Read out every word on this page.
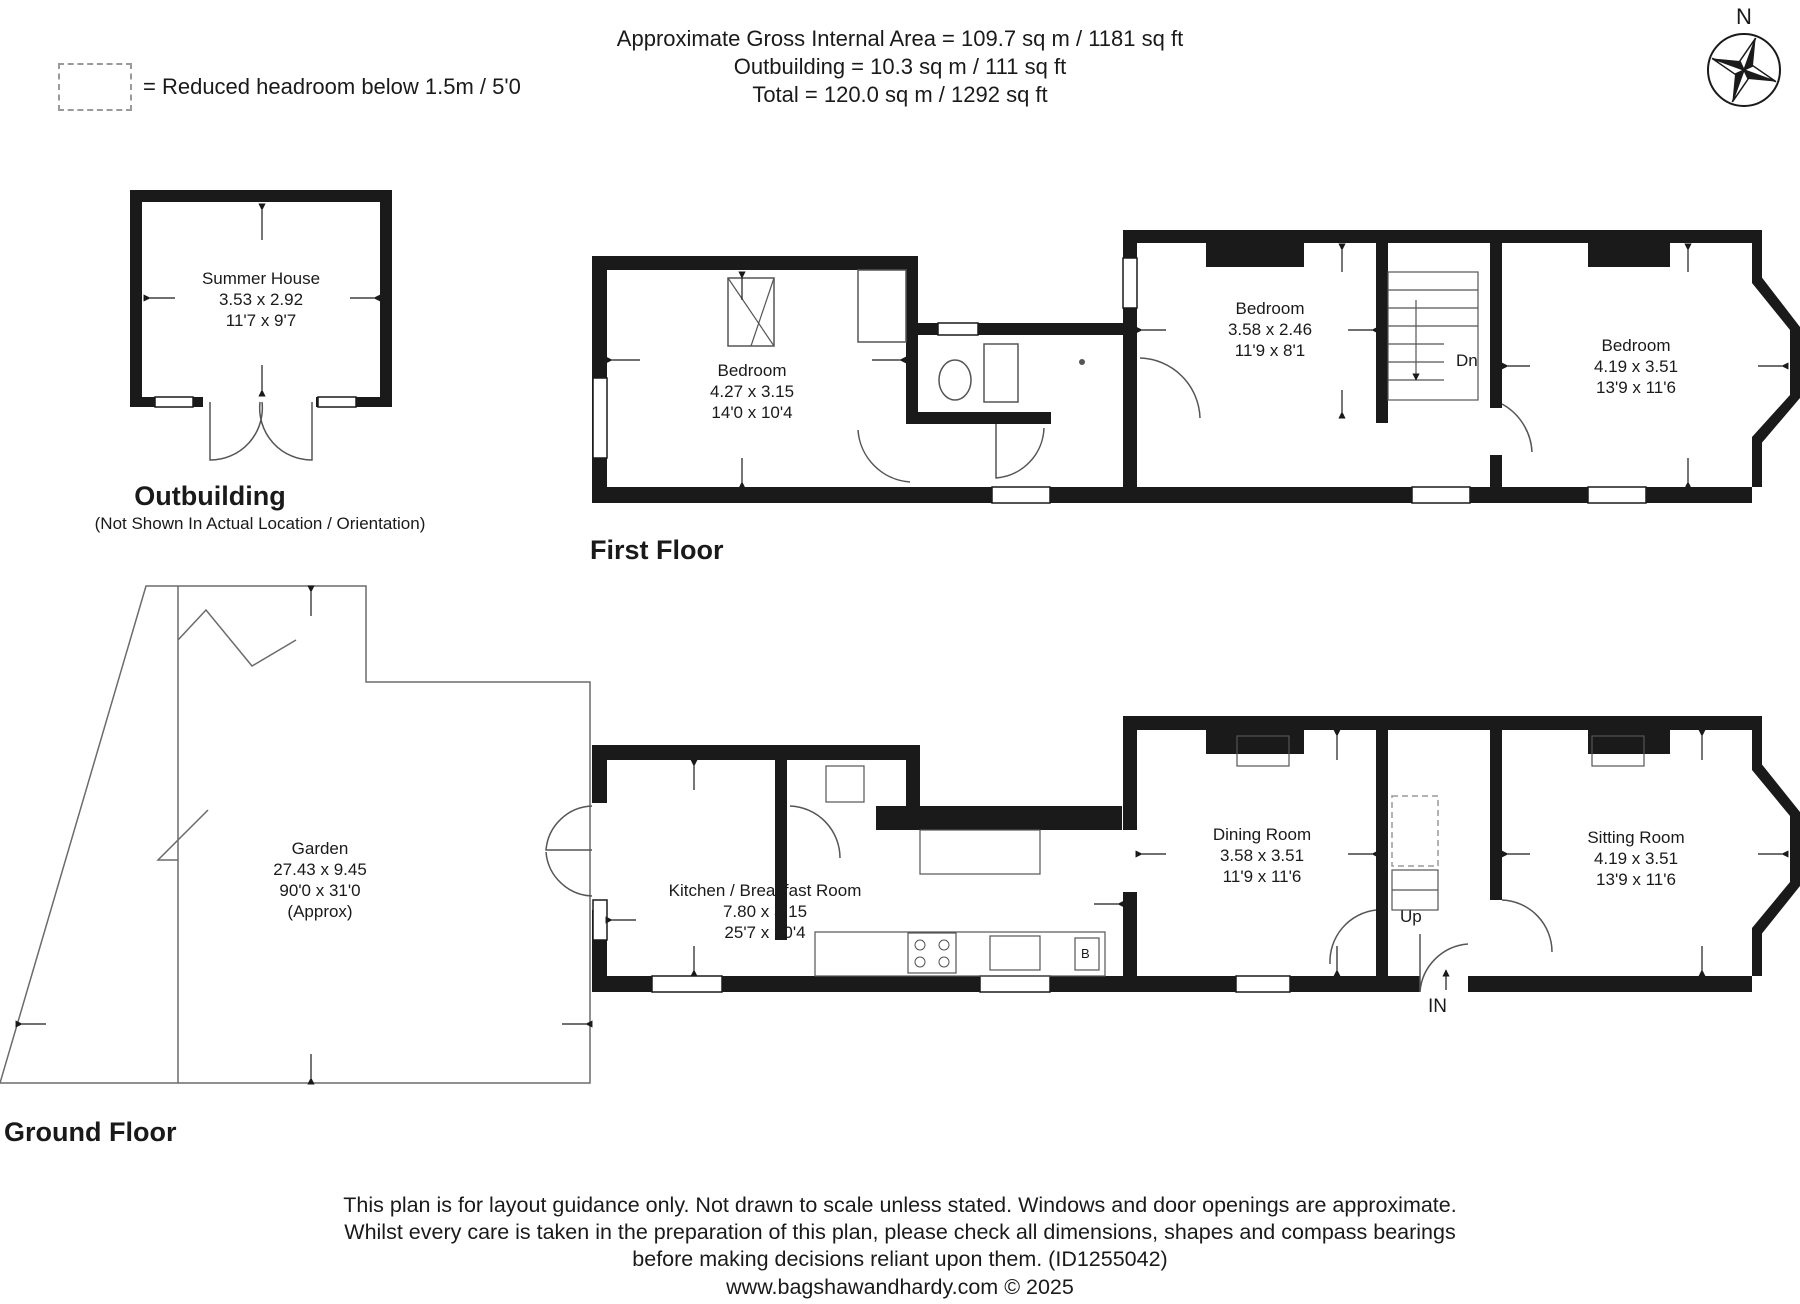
Approximate Gross Internal Area = 109.7 sq m / 1181 sq ft
Outbuilding = 10.3 sq m / 111 sq ft
Total = 120.0 sq m / 1292 sq ft
= Reduced headroom below 1.5m / 5'0
N
Summer House
3.53 x 2.92
11'7 x 9'7
Outbuilding
(Not Shown In Actual Location / Orientation)
Bedroom
4.27 x 3.15
14'0 x 10'4
Bedroom
3.58 x 2.46
11'9 x 8'1	Bedroom
4.19 x 3.51
13'9 x 11'6
Dn
First Floor
Garden
27.43 x 9.45
90'0 x 31'0
(Approx)
Kitchen / Breakfast Room
7.80 x 3.15
25'7 x 10'4
Dining Room
3.58 x 3.51
11'9 x 11'6
Sitting Room
4.19 x 3.51
13'9 x 11'6
Up
IN
B
Ground Floor
This plan is for layout guidance only. Not drawn to scale unless stated. Windows and door openings are approximate.
Whilst every care is taken in the preparation of this plan, please check all dimensions, shapes and compass bearings
before making decisions reliant upon them. (ID1255042)
www.bagshawandhardy.com © 2025
